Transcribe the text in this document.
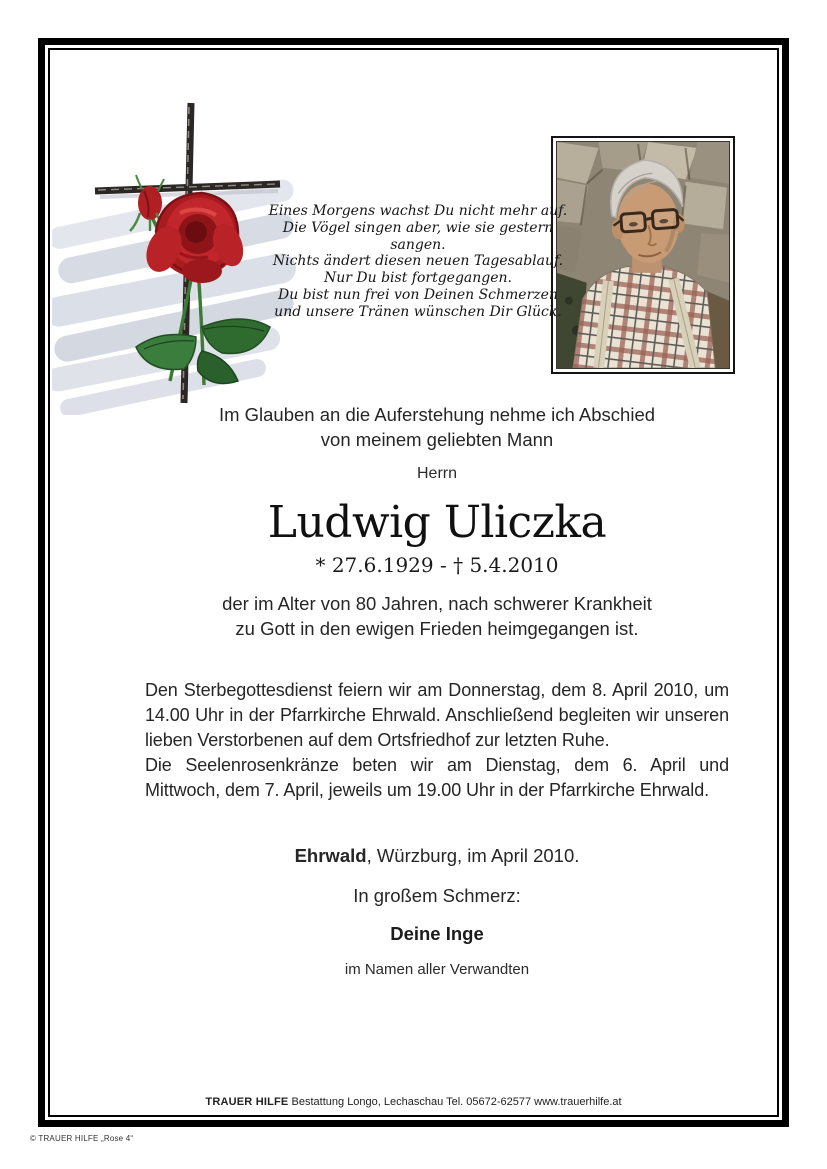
Eines Morgens wachst Du nicht mehr auf.
Die Vögel singen aber, wie sie gestern sangen.
Nichts ändert diesen neuen Tagesablauf.
Nur Du bist fortgegangen.
Du bist nun frei von Deinen Schmerzen
und unsere Tränen wünschen Dir Glück.
Im Glauben an die Auferstehung nehme ich Abschied
von meinem geliebten Mann
Herrn
Ludwig Uliczka
* 27.6.1929 - † 5.4.2010
der im Alter von 80 Jahren, nach schwerer Krankheit
zu Gott in den ewigen Frieden heimgegangen ist.
Den Sterbegottesdienst feiern wir am Donnerstag, dem 8. April 2010, um 14.00 Uhr in der Pfarrkirche Ehrwald. Anschließend begleiten wir unseren lieben Verstorbenen auf dem Ortsfriedhof zur letzten Ruhe.
Die Seelenrosenkränze beten wir am Dienstag, dem 6. April und Mittwoch, dem 7. April, jeweils um 19.00 Uhr in der Pfarrkirche Ehrwald.
Ehrwald, Würzburg, im April 2010.
In großem Schmerz:
Deine Inge
im Namen aller Verwandten
TRAUER HILFE Bestattung Longo, Lechaschau Tel. 05672-62577 www.trauerhilfe.at
© TRAUER HILFE „Rose 4“
